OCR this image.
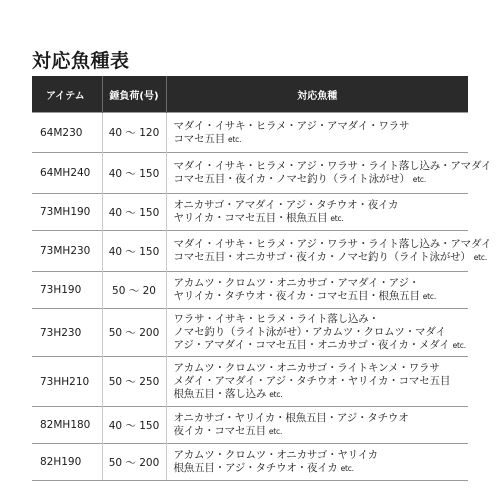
対応魚種表
アイテム	錘負荷(号)	対応魚種
64M230	40 ～ 120	マダイ・イサキ・ヒラメ・アジ・アマダイ・ワラサ
コマセ五目 etc.

64MH240	40 ～ 150	マダイ・イサキ・ヒラメ・アジ・ワラサ・ライト落し込み・アマダイ
コマセ五目・夜イカ・ノマセ釣り（ライト泳がせ） etc.

73MH190	40 ～ 150	オニカサゴ・アマダイ・アジ・タチウオ・夜イカ
ヤリイカ・コマセ五目・根魚五目 etc.

73MH230	40 ～ 150	マダイ・イサキ・ヒラメ・アジ・ワラサ・ライト落し込み・アマダイ
コマセ五目・オニカサゴ・夜イカ・ノマセ釣り（ライト泳がせ） etc.

73H190	50 ～ 20	アカムツ・クロムツ・オニカサゴ・アマダイ・アジ・
ヤリイカ・タチウオ・夜イカ・コマセ五目・根魚五目 etc.

73H230	50 ～ 200	ワラサ・イサキ・ヒラメ・ライト落し込み・
ノマセ釣り（ライト泳がせ）・アカムツ・クロムツ・マダイ
アジ・アマダイ・コマセ五目・オニカサゴ・夜イカ・メダイ etc.

73HH210	50 ～ 250	アカムツ・クロムツ・オニカサゴ・ライトキンメ・ワラサ
メダイ・アマダイ・アジ・タチウオ・ヤリイカ・コマセ五目
根魚五目・落し込み etc.

82MH180	40 ～ 150	オニカサゴ・ヤリイカ・根魚五目・アジ・タチウオ
夜イカ・コマセ五目 etc.

82H190	50 ～ 200	アカムツ・クロムツ・オニカサゴ・ヤリイカ
根魚五目・アジ・タチウオ・夜イカ etc.
